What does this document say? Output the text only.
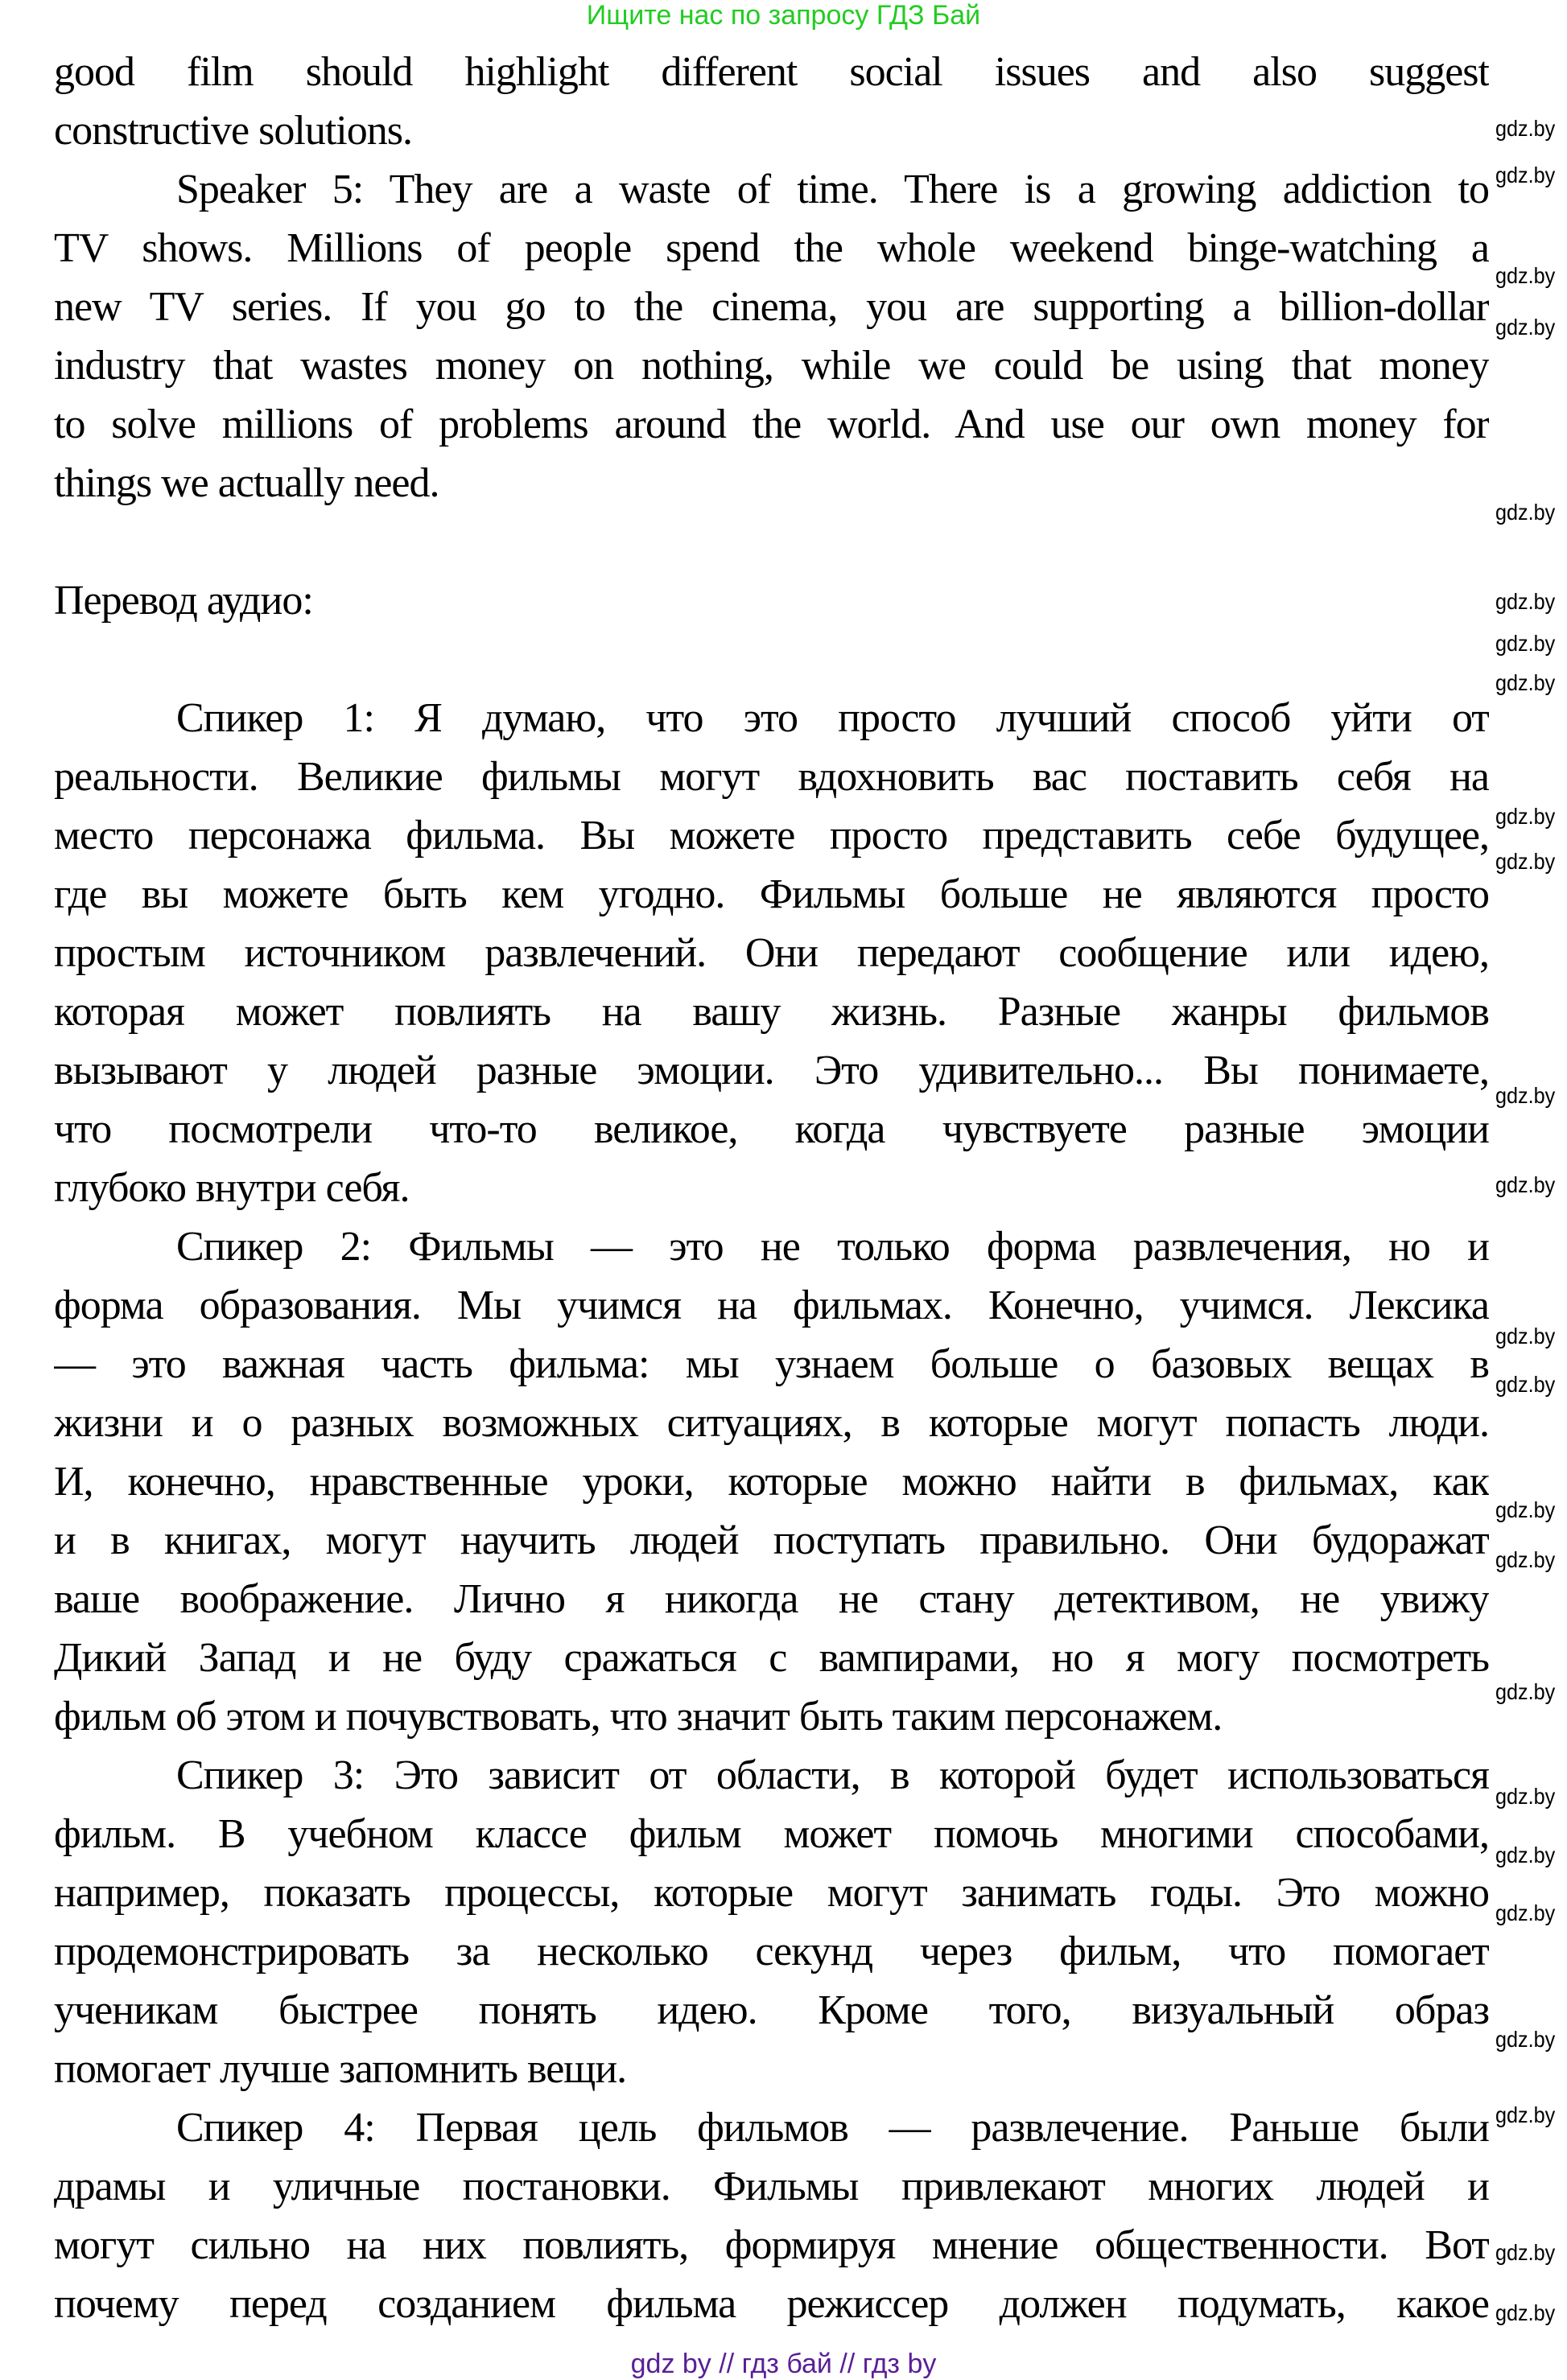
Ищите нас по запросу ГДЗ Бай
good film should highlight different social issues and also suggest
constructive solutions.
Speaker 5: They are a waste of time. There is a growing addiction to
TV shows. Millions of people spend the whole weekend binge-watching a
new TV series. If you go to the cinema, you are supporting a billion-dollar
industry that wastes money on nothing, while we could be using that money
to solve millions of problems around the world. And use our own money for
things we actually need.
Перевод аудио:
Спикер 1: Я думаю, что это просто лучший способ уйти от
реальности. Великие фильмы могут вдохновить вас поставить себя на
место персонажа фильма. Вы можете просто представить себе будущее,
где вы можете быть кем угодно. Фильмы больше не являются просто
простым источником развлечений. Они передают сообщение или идею,
которая может повлиять на вашу жизнь. Разные жанры фильмов
вызывают у людей разные эмоции. Это удивительно... Вы понимаете,
что посмотрели что-то великое, когда чувствуете разные эмоции
глубоко внутри себя.
Спикер 2: Фильмы — это не только форма развлечения, но и
форма образования. Мы учимся на фильмах. Конечно, учимся. Лексика
— это важная часть фильма: мы узнаем больше о базовых вещах в
жизни и о разных возможных ситуациях, в которые могут попасть люди.
И, конечно, нравственные уроки, которые можно найти в фильмах, как
и в книгах, могут научить людей поступать правильно. Они будоражат
ваше воображение. Лично я никогда не стану детективом, не увижу
Дикий Запад и не буду сражаться с вампирами, но я могу посмотреть
фильм об этом и почувствовать, что значит быть таким персонажем.
Спикер 3: Это зависит от области, в которой будет использоваться
фильм. В учебном классе фильм может помочь многими способами,
например, показать процессы, которые могут занимать годы. Это можно
продемонстрировать за несколько секунд через фильм, что помогает
ученикам быстрее понять идею. Кроме того, визуальный образ
помогает лучше запомнить вещи.
Спикер 4: Первая цель фильмов — развлечение. Раньше были
драмы и уличные постановки. Фильмы привлекают многих людей и
могут сильно на них повлиять, формируя мнение общественности. Вот
почему перед созданием фильма режиссер должен подумать, какое
gdz.by
gdz.by
gdz.by
gdz.by
gdz.by
gdz.by
gdz.by
gdz.by
gdz.by
gdz.by
gdz.by
gdz.by
gdz.by
gdz.by
gdz.by
gdz.by
gdz.by
gdz.by
gdz.by
gdz.by
gdz.by
gdz.by
gdz.by
gdz.by
gdz by // гдз бай // гдз by
